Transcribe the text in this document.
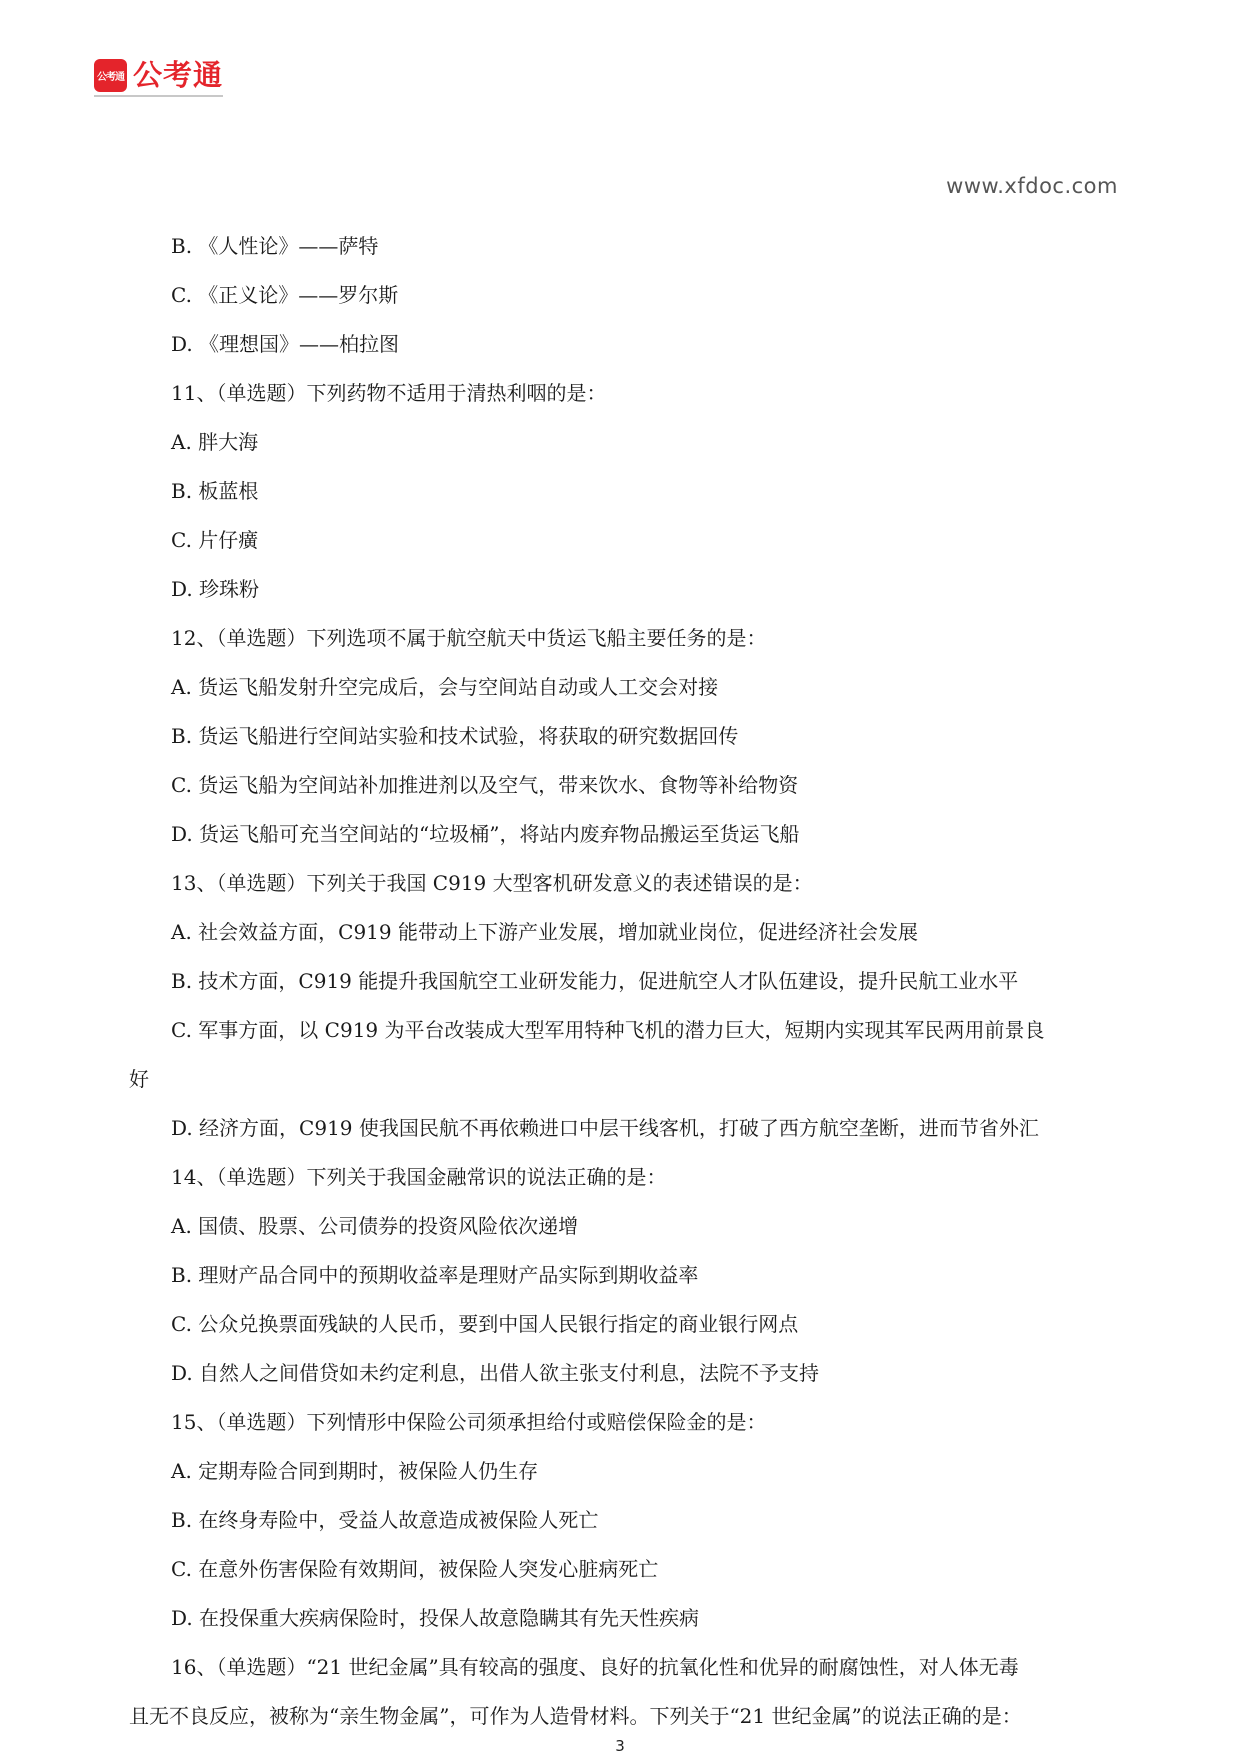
公考通 公考通
www.xfdoc.com
B. 《人性论》——萨特
C. 《正义论》——罗尔斯
D. 《理想国》——柏拉图
11、（单选题）下列药物不适用于清热利咽的是：
A. 胖大海
B. 板蓝根
C. 片仔癀
D. 珍珠粉
12、（单选题）下列选项不属于航空航天中货运飞船主要任务的是：
A. 货运飞船发射升空完成后，会与空间站自动或人工交会对接
B. 货运飞船进行空间站实验和技术试验，将获取的研究数据回传
C. 货运飞船为空间站补加推进剂以及空气，带来饮水、食物等补给物资
D. 货运飞船可充当空间站的“垃圾桶”，将站内废弃物品搬运至货运飞船
13、（单选题）下列关于我国 C919 大型客机研发意义的表述错误的是：
A. 社会效益方面，C919 能带动上下游产业发展，增加就业岗位，促进经济社会发展
B. 技术方面，C919 能提升我国航空工业研发能力，促进航空人才队伍建设，提升民航工业水平
C. 军事方面，以 C919 为平台改装成大型军用特种飞机的潜力巨大，短期内实现其军民两用前景良
好
D. 经济方面，C919 使我国民航不再依赖进口中层干线客机，打破了西方航空垄断，进而节省外汇
14、（单选题）下列关于我国金融常识的说法正确的是：
A. 国债、股票、公司债券的投资风险依次递增
B. 理财产品合同中的预期收益率是理财产品实际到期收益率
C. 公众兑换票面残缺的人民币，要到中国人民银行指定的商业银行网点
D. 自然人之间借贷如未约定利息，出借人欲主张支付利息，法院不予支持
15、（单选题）下列情形中保险公司须承担给付或赔偿保险金的是：
A. 定期寿险合同到期时，被保险人仍生存
B. 在终身寿险中，受益人故意造成被保险人死亡
C. 在意外伤害保险有效期间，被保险人突发心脏病死亡
D. 在投保重大疾病保险时，投保人故意隐瞒其有先天性疾病
16、（单选题）“21 世纪金属”具有较高的强度、良好的抗氧化性和优异的耐腐蚀性，对人体无毒
且无不良反应，被称为“亲生物金属”，可作为人造骨材料。下列关于“21 世纪金属”的说法正确的是：
3
